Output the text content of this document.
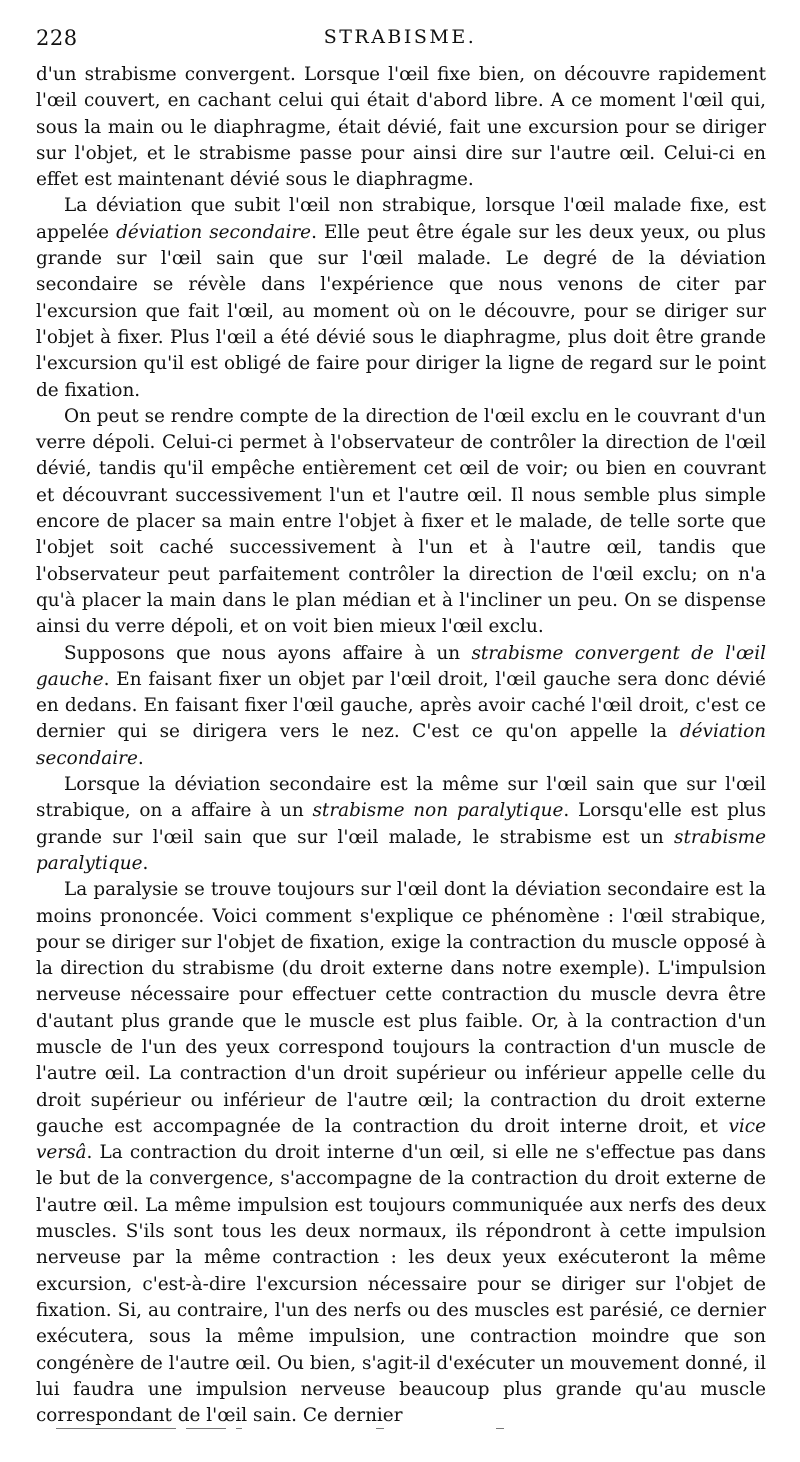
228	STRABISME.

d'un strabisme convergent. Lorsque l'œil fixe bien, on découvre rapidement l'œil couvert, en cachant celui qui était d'abord libre. A ce moment l'œil qui, sous la main ou le diaphragme, était dévié, fait une excursion pour se diriger sur l'objet, et le strabisme passe pour ainsi dire sur l'autre œil. Celui-ci en effet est maintenant dévié sous le diaphragme.

La déviation que subit l'œil non strabique, lorsque l'œil malade fixe, est appelée déviation secondaire. Elle peut être égale sur les deux yeux, ou plus grande sur l'œil sain que sur l'œil malade. Le degré de la déviation secondaire se révèle dans l'expérience que nous venons de citer par l'excursion que fait l'œil, au moment où on le découvre, pour se diriger sur l'objet à fixer. Plus l'œil a été dévié sous le diaphragme, plus doit être grande l'excursion qu'il est obligé de faire pour diriger la ligne de regard sur le point de fixation.

On peut se rendre compte de la direction de l'œil exclu en le couvrant d'un verre dépoli. Celui-ci permet à l'observateur de contrôler la direction de l'œil dévié, tandis qu'il empêche entièrement cet œil de voir; ou bien en couvrant et découvrant successivement l'un et l'autre œil. Il nous semble plus simple encore de placer sa main entre l'objet à fixer et le malade, de telle sorte que l'objet soit caché successivement à l'un et à l'autre œil, tandis que l'observateur peut parfaitement contrôler la direction de l'œil exclu; on n'a qu'à placer la main dans le plan médian et à l'incliner un peu. On se dispense ainsi du verre dépoli, et on voit bien mieux l'œil exclu.

Supposons que nous ayons affaire à un strabisme convergent de l'œil gauche. En faisant fixer un objet par l'œil droit, l'œil gauche sera donc dévié en dedans. En faisant fixer l'œil gauche, après avoir caché l'œil droit, c'est ce dernier qui se dirigera vers le nez. C'est ce qu'on appelle la déviation secondaire.

Lorsque la déviation secondaire est la même sur l'œil sain que sur l'œil strabique, on a affaire à un strabisme non paralytique. Lorsqu'elle est plus grande sur l'œil sain que sur l'œil malade, le strabisme est un strabisme paralytique.

La paralysie se trouve toujours sur l'œil dont la déviation secondaire est la moins prononcée. Voici comment s'explique ce phénomène : l'œil strabique, pour se diriger sur l'objet de fixation, exige la contraction du muscle opposé à la direction du strabisme (du droit externe dans notre exemple). L'impulsion nerveuse nécessaire pour effectuer cette contraction du muscle devra être d'autant plus grande que le muscle est plus faible. Or, à la contraction d'un muscle de l'un des yeux correspond toujours la contraction d'un muscle de l'autre œil. La contraction d'un droit supérieur ou inférieur appelle celle du droit supérieur ou inférieur de l'autre œil; la contraction du droit externe gauche est accompagnée de la contraction du droit interne droit, et vice versâ. La contraction du droit interne d'un œil, si elle ne s'effectue pas dans le but de la convergence, s'accompagne de la contraction du droit externe de l'autre œil. La même impulsion est toujours communiquée aux nerfs des deux muscles. S'ils sont tous les deux normaux, ils répondront à cette impulsion nerveuse par la même contraction : les deux yeux exécuteront la même excursion, c'est-à-dire l'excursion nécessaire pour se diriger sur l'objet de fixation. Si, au contraire, l'un des nerfs ou des muscles est parésié, ce dernier exécutera, sous la même impulsion, une contraction moindre que son congénère de l'autre œil. Ou bien, s'agit-il d'exécuter un mouvement donné, il lui faudra une impulsion nerveuse beaucoup plus grande qu'au muscle correspondant de l'œil sain. Ce dernier
